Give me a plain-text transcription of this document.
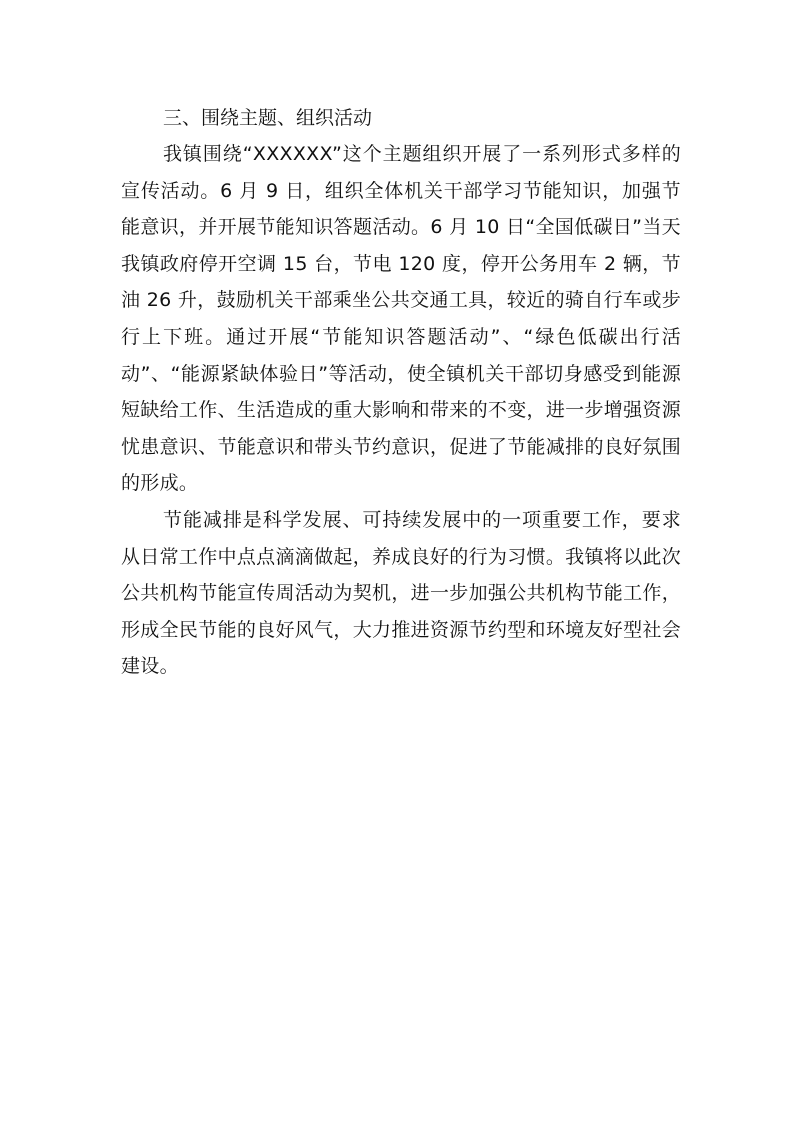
三、围绕主题、组织活动

我镇围绕“XXXXXX”这个主题组织开展了一系列形式多样的宣传活动。6 月 9 日，组织全体机关干部学习节能知识，加强节能意识，并开展节能知识答题活动。6 月 10 日“全国低碳日”当天我镇政府停开空调 15 台，节电 120 度，停开公务用车 2 辆，节油 26 升，鼓励机关干部乘坐公共交通工具，较近的骑自行车或步行上下班。通过开展“节能知识答题活动”、“绿色低碳出行活动”、“能源紧缺体验日”等活动，使全镇机关干部切身感受到能源短缺给工作、生活造成的重大影响和带来的不变，进一步增强资源忧患意识、节能意识和带头节约意识，促进了节能减排的良好氛围的形成。

节能减排是科学发展、可持续发展中的一项重要工作，要求从日常工作中点点滴滴做起，养成良好的行为习惯。我镇将以此次公共机构节能宣传周活动为契机，进一步加强公共机构节能工作，形成全民节能的良好风气，大力推进资源节约型和环境友好型社会建设。
